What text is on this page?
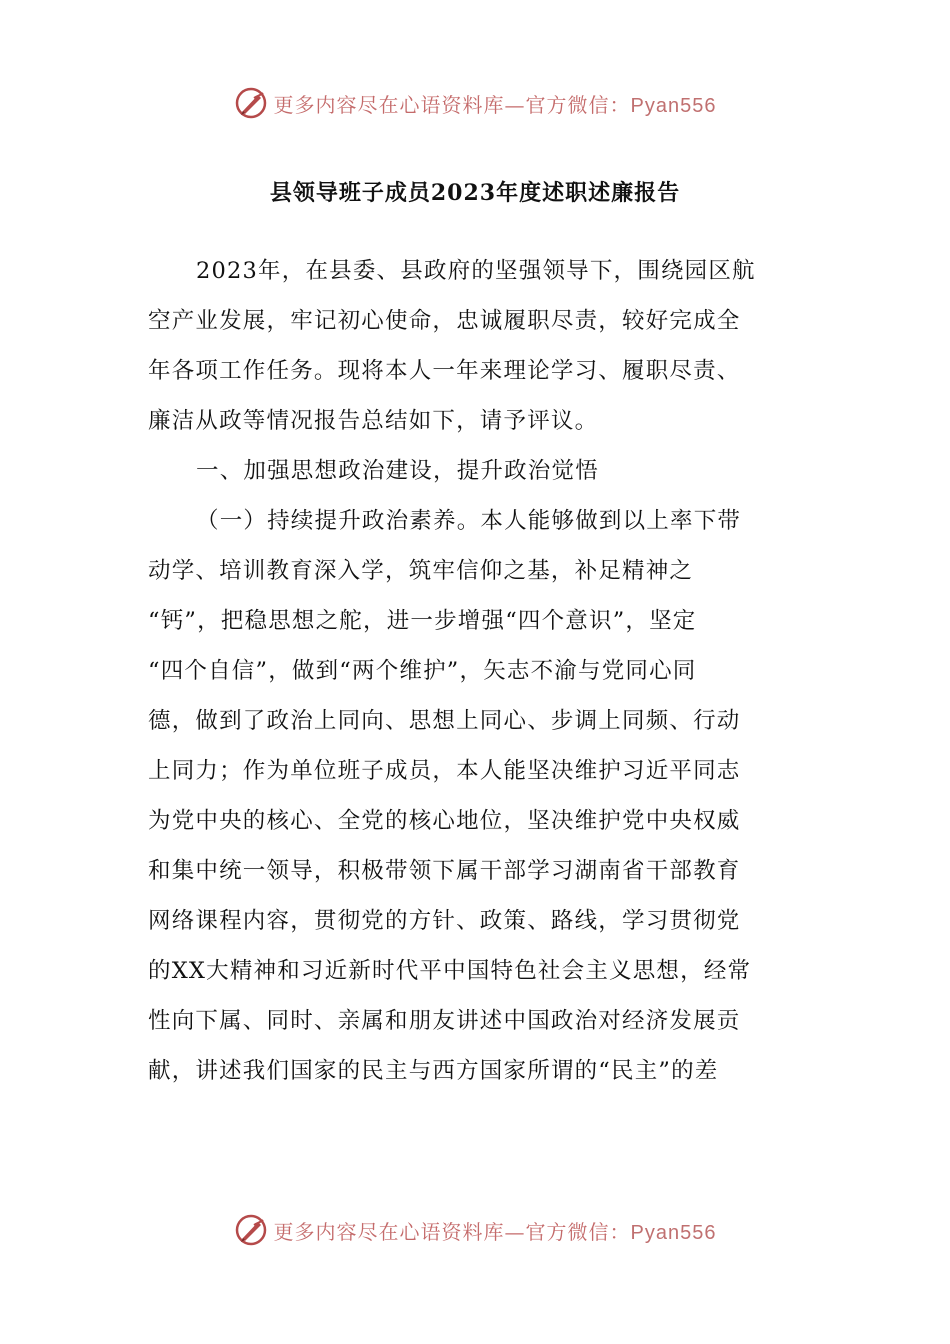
更多内容尽在心语资料库—官方微信：Pyan556
县领导班子成员2023年度述职述廉报告
2023年，在县委、县政府的坚强领导下，围绕园区航
空产业发展，牢记初心使命，忠诚履职尽责，较好完成全
年各项工作任务。现将本人一年来理论学习、履职尽责、
廉洁从政等情况报告总结如下，请予评议。
一、加强思想政治建设，提升政治觉悟
（一）持续提升政治素养。本人能够做到以上率下带
动学、培训教育深入学，筑牢信仰之基，补足精神之
“钙”，把稳思想之舵，进一步增强“四个意识”，坚定
“四个自信”，做到“两个维护”，矢志不渝与党同心同
德，做到了政治上同向、思想上同心、步调上同频、行动
上同力；作为单位班子成员，本人能坚决维护习近平同志
为党中央的核心、全党的核心地位，坚决维护党中央权威
和集中统一领导，积极带领下属干部学习湖南省干部教育
网络课程内容，贯彻党的方针、政策、路线，学习贯彻党
的XX大精神和习近新时代平中国特色社会主义思想，经常
性向下属、同时、亲属和朋友讲述中国政治对经济发展贡
献，讲述我们国家的民主与西方国家所谓的“民主”的差
更多内容尽在心语资料库—官方微信：Pyan556
